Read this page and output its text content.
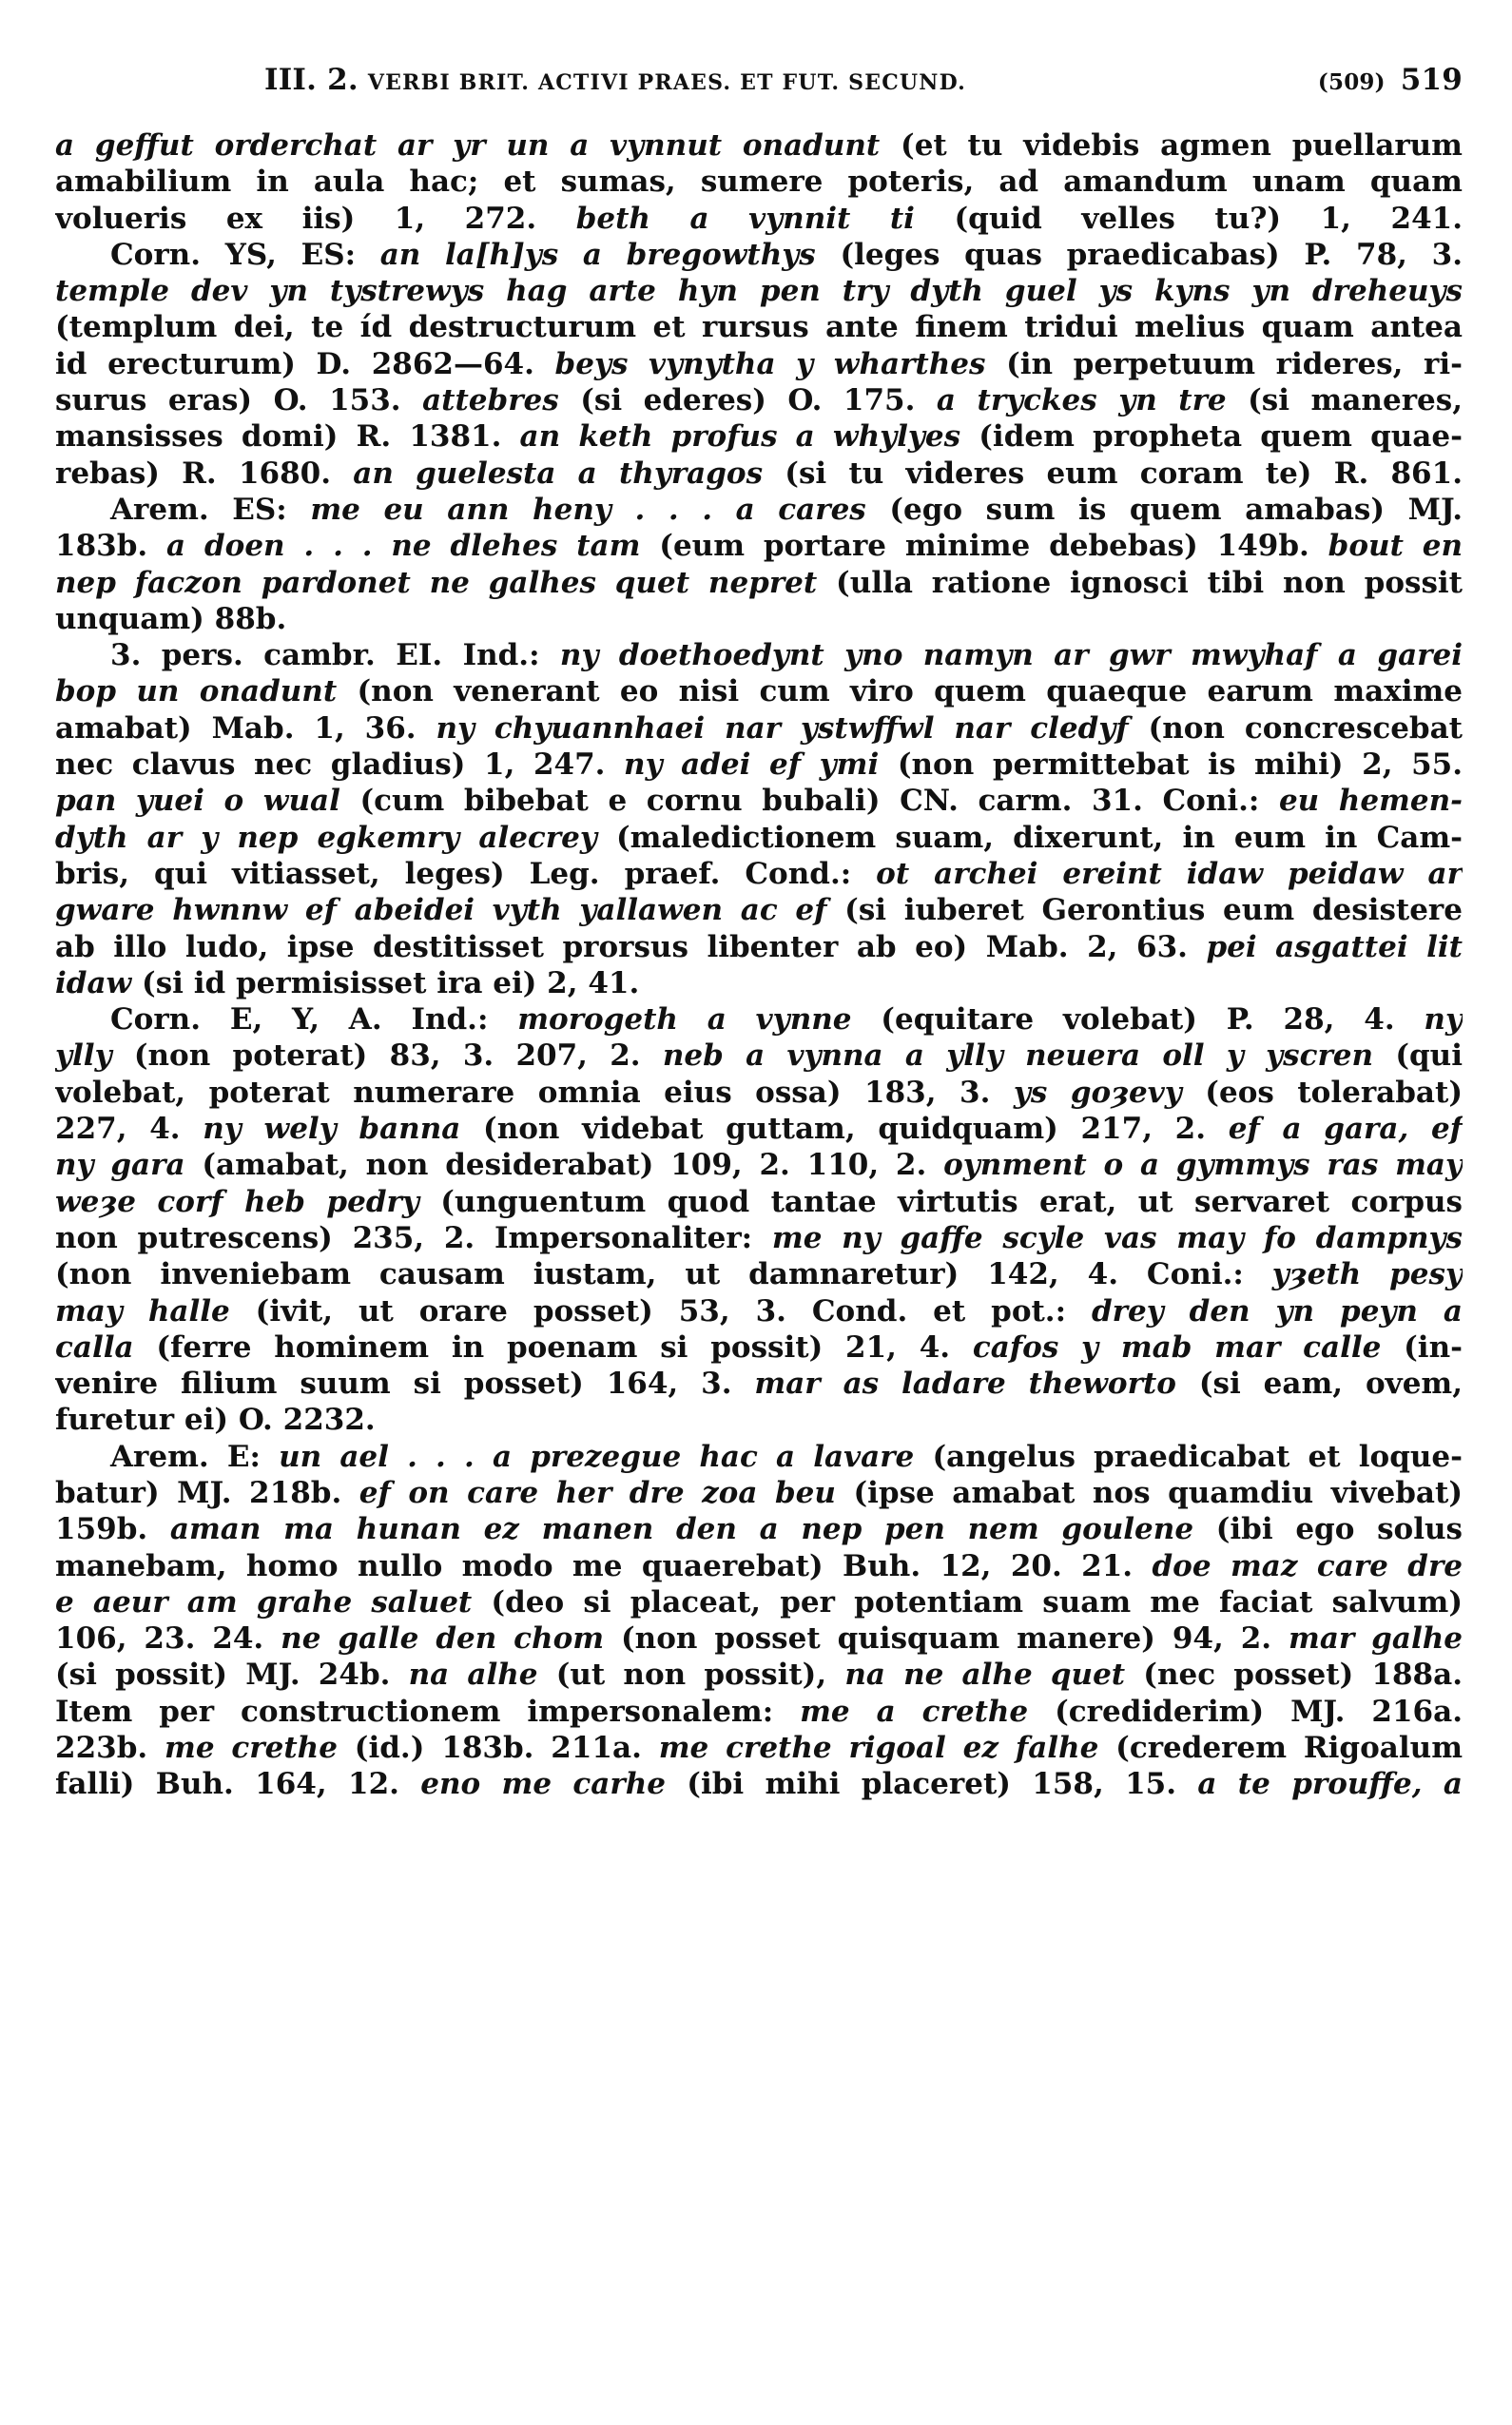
III. 2. VERBI BRIT. ACTIVI PRAES. ET FUT. SECUND.	(509) 519
a geffut orderchat ar yr un a vynnut onadunt (et tu videbis agmen puellarum
amabilium in aula hac; et sumas, sumere poteris, ad amandum unam quam
volueris ex iis) 1, 272. beth a vynnit ti (quid velles tu?) 1, 241.
Corn. YS, ES: an la[h]ys a bregowthys (leges quas praedicabas) P. 78, 3.
temple dev yn tystrewys hag arte hyn pen try dyth guel ys kyns yn dreheuys
(templum dei, te íd destructurum et rursus ante finem tridui melius quam antea
id erecturum) D. 2862—64. beys vynytha y wharthes (in perpetuum rideres, ri-
surus eras) O. 153. attebres (si ederes) O. 175. a tryckes yn tre (si maneres,
mansisses domi) R. 1381. an keth profus a whylyes (idem propheta quem quae-
rebas) R. 1680. an guelesta a thyragos (si tu videres eum coram te) R. 861.
Arem. ES: me eu ann heny . . . a cares (ego sum is quem amabas) MJ.
183b. a doen . . . ne dlehes tam (eum portare minime debebas) 149b. bout en
nep faczon pardonet ne galhes quet nepret (ulla ratione ignosci tibi non possit
unquam) 88b.
3. pers. cambr. EI. Ind.: ny doethoedynt yno namyn ar gwr mwyhaf a garei
bop un onadunt (non venerant eo nisi cum viro quem quaeque earum maxime
amabat) Mab. 1, 36. ny chyuannhaei nar ystwffwl nar cledyf (non concrescebat
nec clavus nec gladius) 1, 247. ny adei ef ymi (non permittebat is mihi) 2, 55.
pan yuei o wual (cum bibebat e cornu bubali) CN. carm. 31. Coni.: eu hemen-
dyth ar y nep egkemry alecrey (maledictionem suam, dixerunt, in eum in Cam-
bris, qui vitiasset, leges) Leg. praef. Cond.: ot archei ereint idaw peidaw ar
gwarе hwnnw ef abeidei vyth yallawen ac ef (si iuberet Gerontius eum desistere
ab illo ludo, ipse destitisset prorsus libenter ab eo) Mab. 2, 63. pei asgattei lit
idaw (si id permisisset ira ei) 2, 41.
Corn. E, Y, A. Ind.: morogeth a vynne (equitare volebat) P. 28, 4. ny
ylly (non poterat) 83, 3. 207, 2. neb a vynna a ylly neuera oll y yscren (qui
volebat, poterat numerare omnia eius ossa) 183, 3. ys goȝevy (eos tolerabat)
227, 4. ny wely banna (non videbat guttam, quidquam) 217, 2. ef a gara, ef
ny gara (amabat, non desiderabat) 109, 2. 110, 2. oynment o a gymmys ras may
weȝe corf heb pedry (unguentum quod tantae virtutis erat, ut servaret corpus
non putrescens) 235, 2. Impersonaliter: me ny gaffe scyle vas may fo dampnys
(non inveniebam causam iustam, ut damnaretur) 142, 4. Coni.: yȝeth pesy
may halle (ivit, ut orare posset) 53, 3. Cond. et pot.: drey den yn peyn a
calla (ferre hominem in poenam si possit) 21, 4. cafos y mab mar calle (in-
venire filium suum si posset) 164, 3. mar as ladare theworto (si eam, ovem,
furetur ei) O. 2232.
Arem. E: un ael . . . a prezegue hac a lavare (angelus praedicabat et loque-
batur) MJ. 218b. ef on care her dre zoa beu (ipse amabat nos quamdiu vivebat)
159b. aman ma hunan ez manen den a nep pen nem goulene (ibi ego solus
manebam, homo nullo modo me quaerebat) Buh. 12, 20. 21. doe maz care dre
e aeur am grahe saluet (deo si placeat, per potentiam suam me faciat salvum)
106, 23. 24. ne galle den chom (non posset quisquam manere) 94, 2. mar galhe
(si possit) MJ. 24b. na alhe (ut non possit), na ne alhe quet (nec posset) 188a.
Item per constructionem impersonalem: me a crethe (crediderim) MJ. 216a.
223b. me crethe (id.) 183b. 211a. me crethe rigoal ez falhe (crederem Rigoalum
falli) Buh. 164, 12. eno me carhe (ibi mihi placeret) 158, 15. a te prouffe, a
